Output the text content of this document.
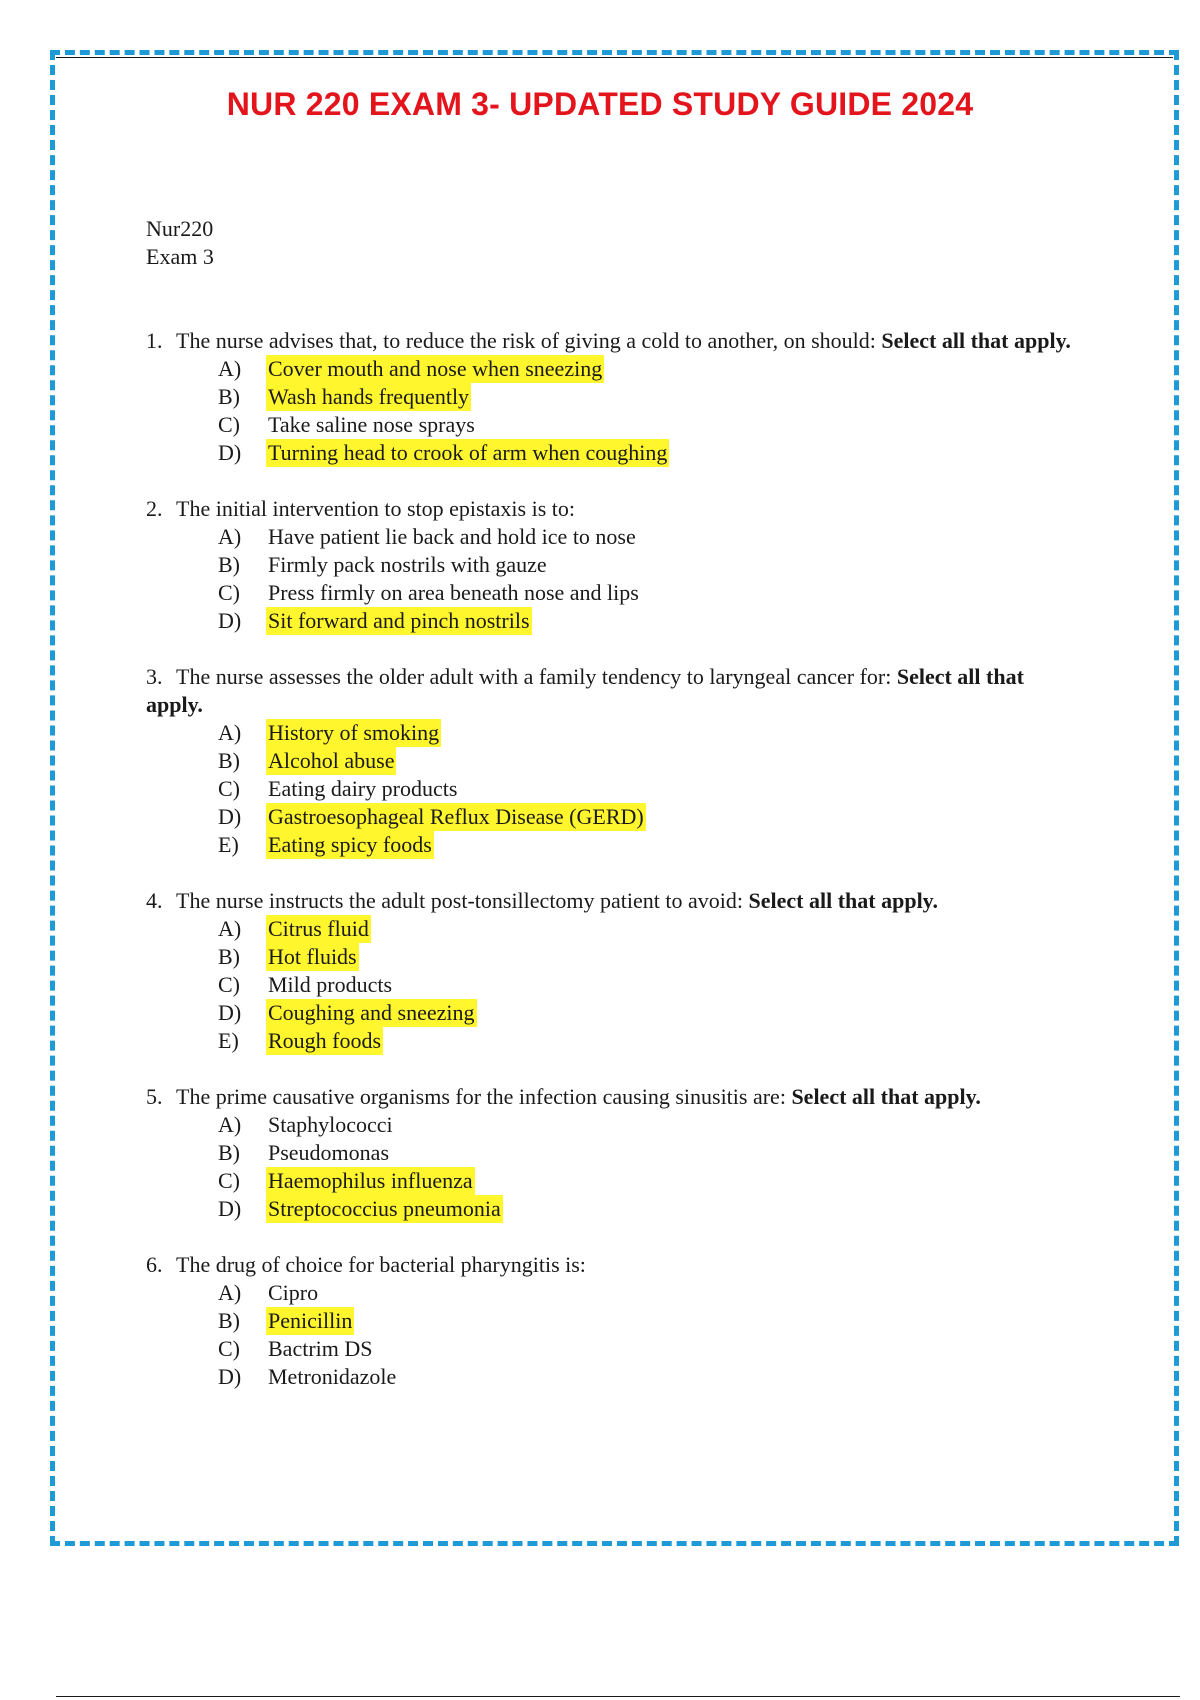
NUR 220 EXAM 3- UPDATED STUDY GUIDE 2024

Nur220

Exam 3

1. The nurse advises that, to reduce the risk of giving a cold to another, on should: Select all that apply.

A) Cover mouth and nose when sneezing
B) Wash hands frequently
C) Take saline nose sprays
D) Turning head to crook of arm when coughing

2. The initial intervention to stop epistaxis is to:

A) Have patient lie back and hold ice to nose
B) Firmly pack nostrils with gauze
C) Press firmly on area beneath nose and lips
D) Sit forward and pinch nostrils

3. The nurse assesses the older adult with a family tendency to laryngeal cancer for: Select all that apply.

A) History of smoking
B) Alcohol abuse
C) Eating dairy products
D) Gastroesophageal Reflux Disease (GERD)
E) Eating spicy foods

4. The nurse instructs the adult post-tonsillectomy patient to avoid: Select all that apply.

A) Citrus fluid
B) Hot fluids
C) Mild products
D) Coughing and sneezing
E) Rough foods

5. The prime causative organisms for the infection causing sinusitis are: Select all that apply.

A) Staphylococci
B) Pseudomonas
C) Haemophilus influenza
D) Streptococcius pneumonia

6. The drug of choice for bacterial pharyngitis is:

A) Cipro
B) Penicillin
C) Bactrim DS
D) Metronidazole
